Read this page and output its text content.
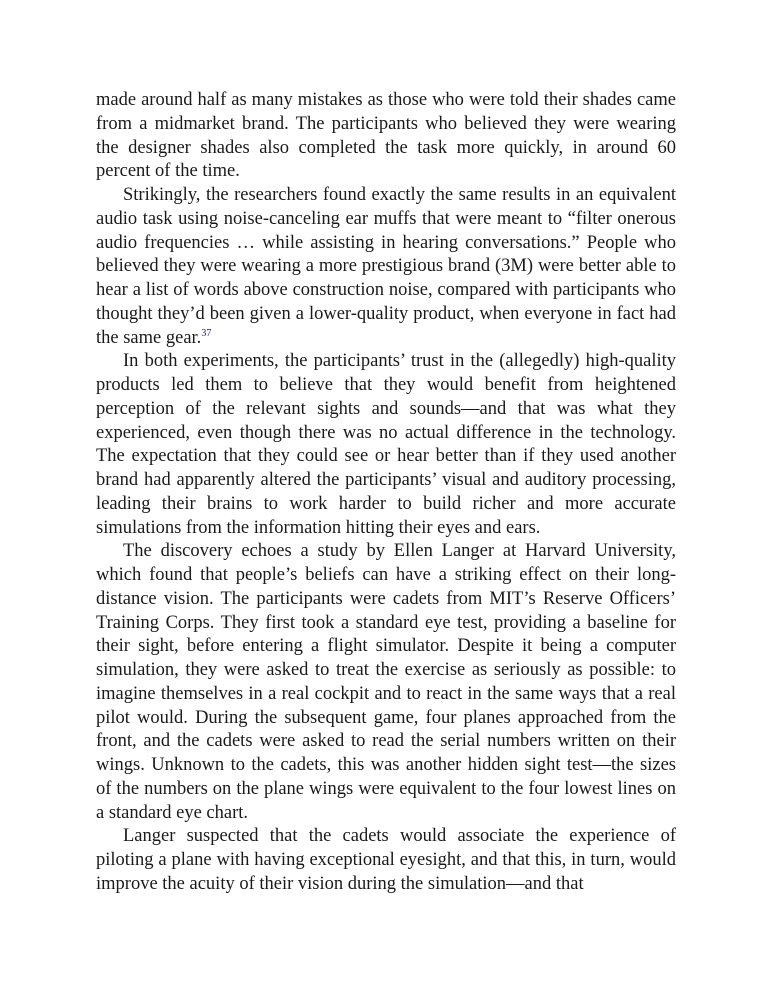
made around half as many mistakes as those who were told their shades came from a midmarket brand. The participants who believed they were wearing the designer shades also completed the task more quickly, in around 60 percent of the time.

Strikingly, the researchers found exactly the same results in an equivalent audio task using noise-canceling ear muffs that were meant to “filter onerous audio frequencies … while assisting in hearing conversations.” People who believed they were wearing a more prestigious brand (3M) were better able to hear a list of words above construction noise, compared with participants who thought they’d been given a lower-quality product, when everyone in fact had the same gear.$^{37}$

In both experiments, the participants’ trust in the (allegedly) high-quality products led them to believe that they would benefit from heightened perception of the relevant sights and sounds—and that was what they experienced, even though there was no actual difference in the technology. The expectation that they could see or hear better than if they used another brand had apparently altered the participants’ visual and auditory processing, leading their brains to work harder to build richer and more accurate simulations from the information hitting their eyes and ears.

The discovery echoes a study by Ellen Langer at Harvard University, which found that people’s beliefs can have a striking effect on their long-distance vision. The participants were cadets from MIT’s Reserve Officers’ Training Corps. They first took a standard eye test, providing a baseline for their sight, before entering a flight simulator. Despite it being a computer simulation, they were asked to treat the exercise as seriously as possible: to imagine themselves in a real cockpit and to react in the same ways that a real pilot would. During the subsequent game, four planes approached from the front, and the cadets were asked to read the serial numbers written on their wings. Unknown to the cadets, this was another hidden sight test—the sizes of the numbers on the plane wings were equivalent to the four lowest lines on a standard eye chart.

Langer suspected that the cadets would associate the experience of piloting a plane with having exceptional eyesight, and that this, in turn, would improve the acuity of their vision during the simulation—and that
